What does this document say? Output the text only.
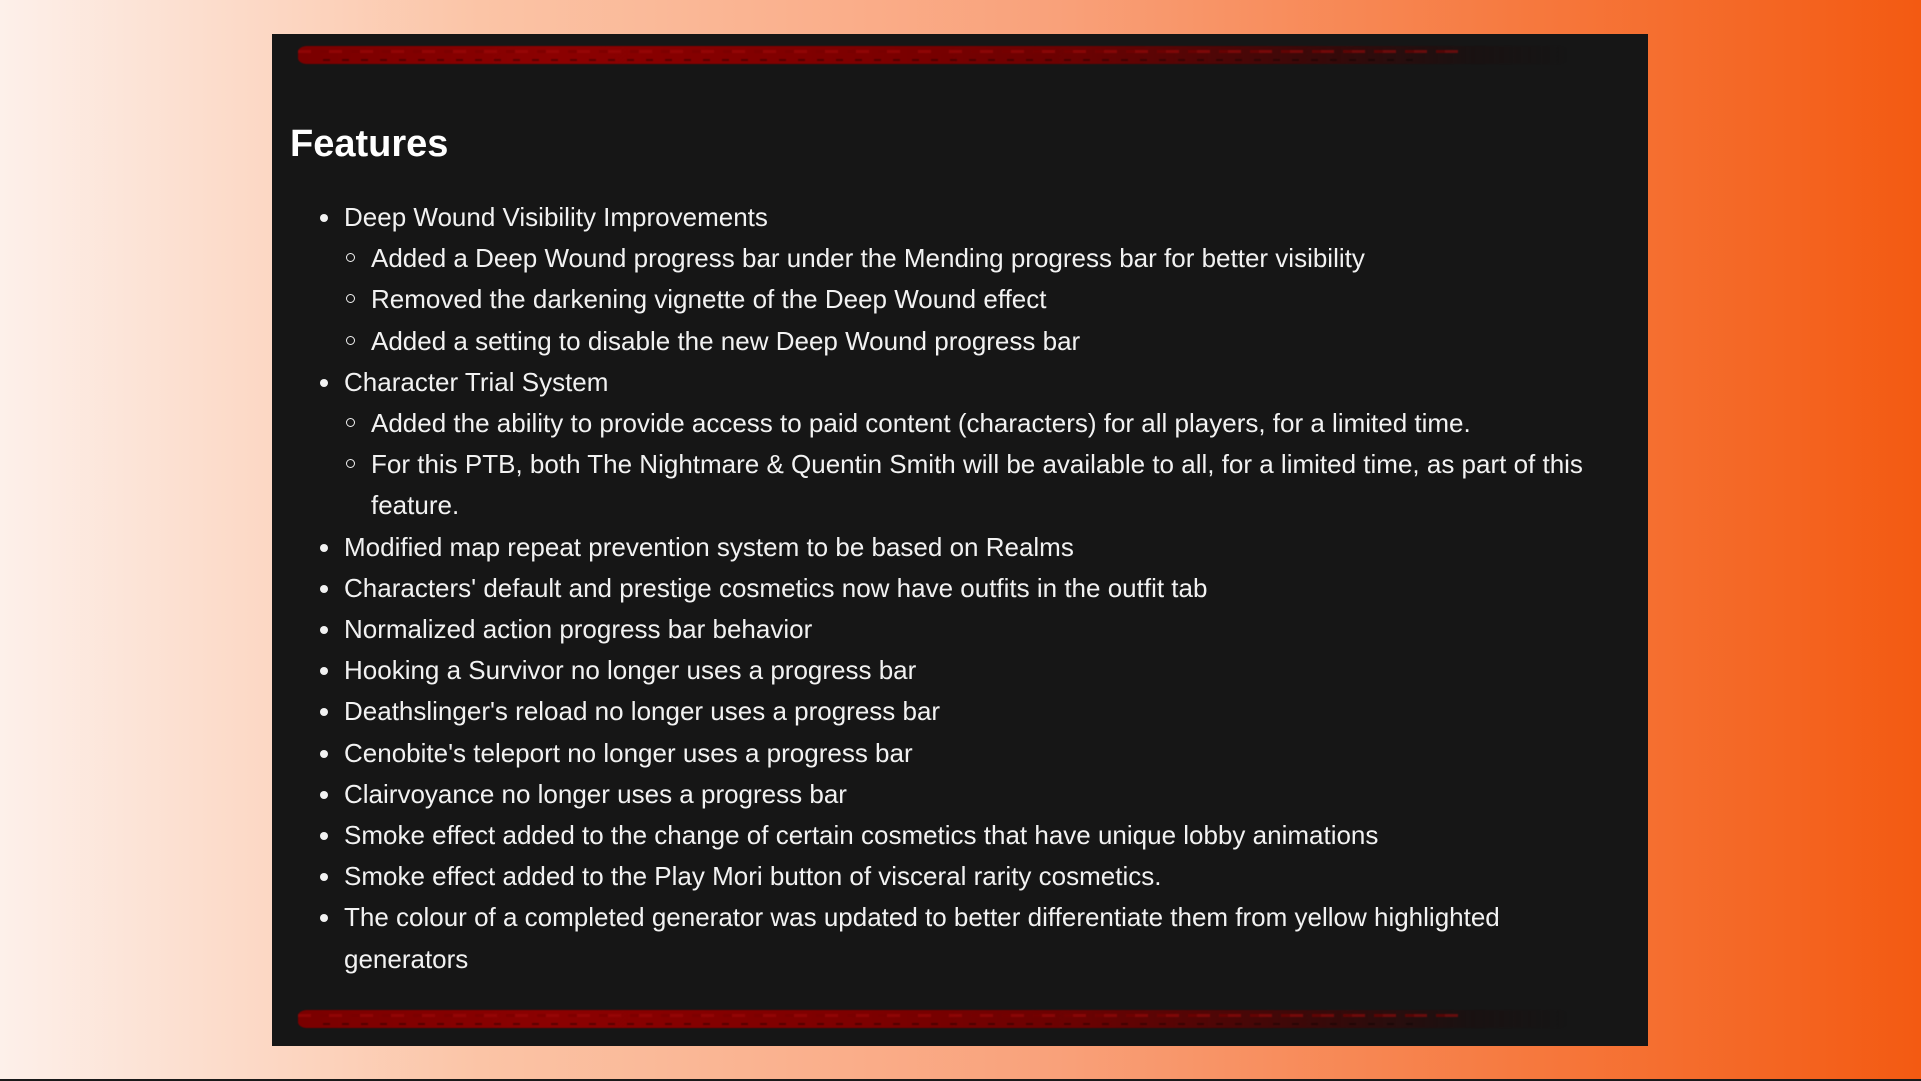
Features
Deep Wound Visibility Improvements
Added a Deep Wound progress bar under the Mending progress bar for better visibility
Removed the darkening vignette of the Deep Wound effect
Added a setting to disable the new Deep Wound progress bar
Character Trial System
Added the ability to provide access to paid content (characters) for all players, for a limited time.
For this PTB, both The Nightmare & Quentin Smith will be available to all, for a limited time, as part of this feature.
Modified map repeat prevention system to be based on Realms
Characters' default and prestige cosmetics now have outfits in the outfit tab
Normalized action progress bar behavior
Hooking a Survivor no longer uses a progress bar
Deathslinger's reload no longer uses a progress bar
Cenobite's teleport no longer uses a progress bar
Clairvoyance no longer uses a progress bar
Smoke effect added to the change of certain cosmetics that have unique lobby animations
Smoke effect added to the Play Mori button of visceral rarity cosmetics.
The colour of a completed generator was updated to better differentiate them from yellow highlighted generators
